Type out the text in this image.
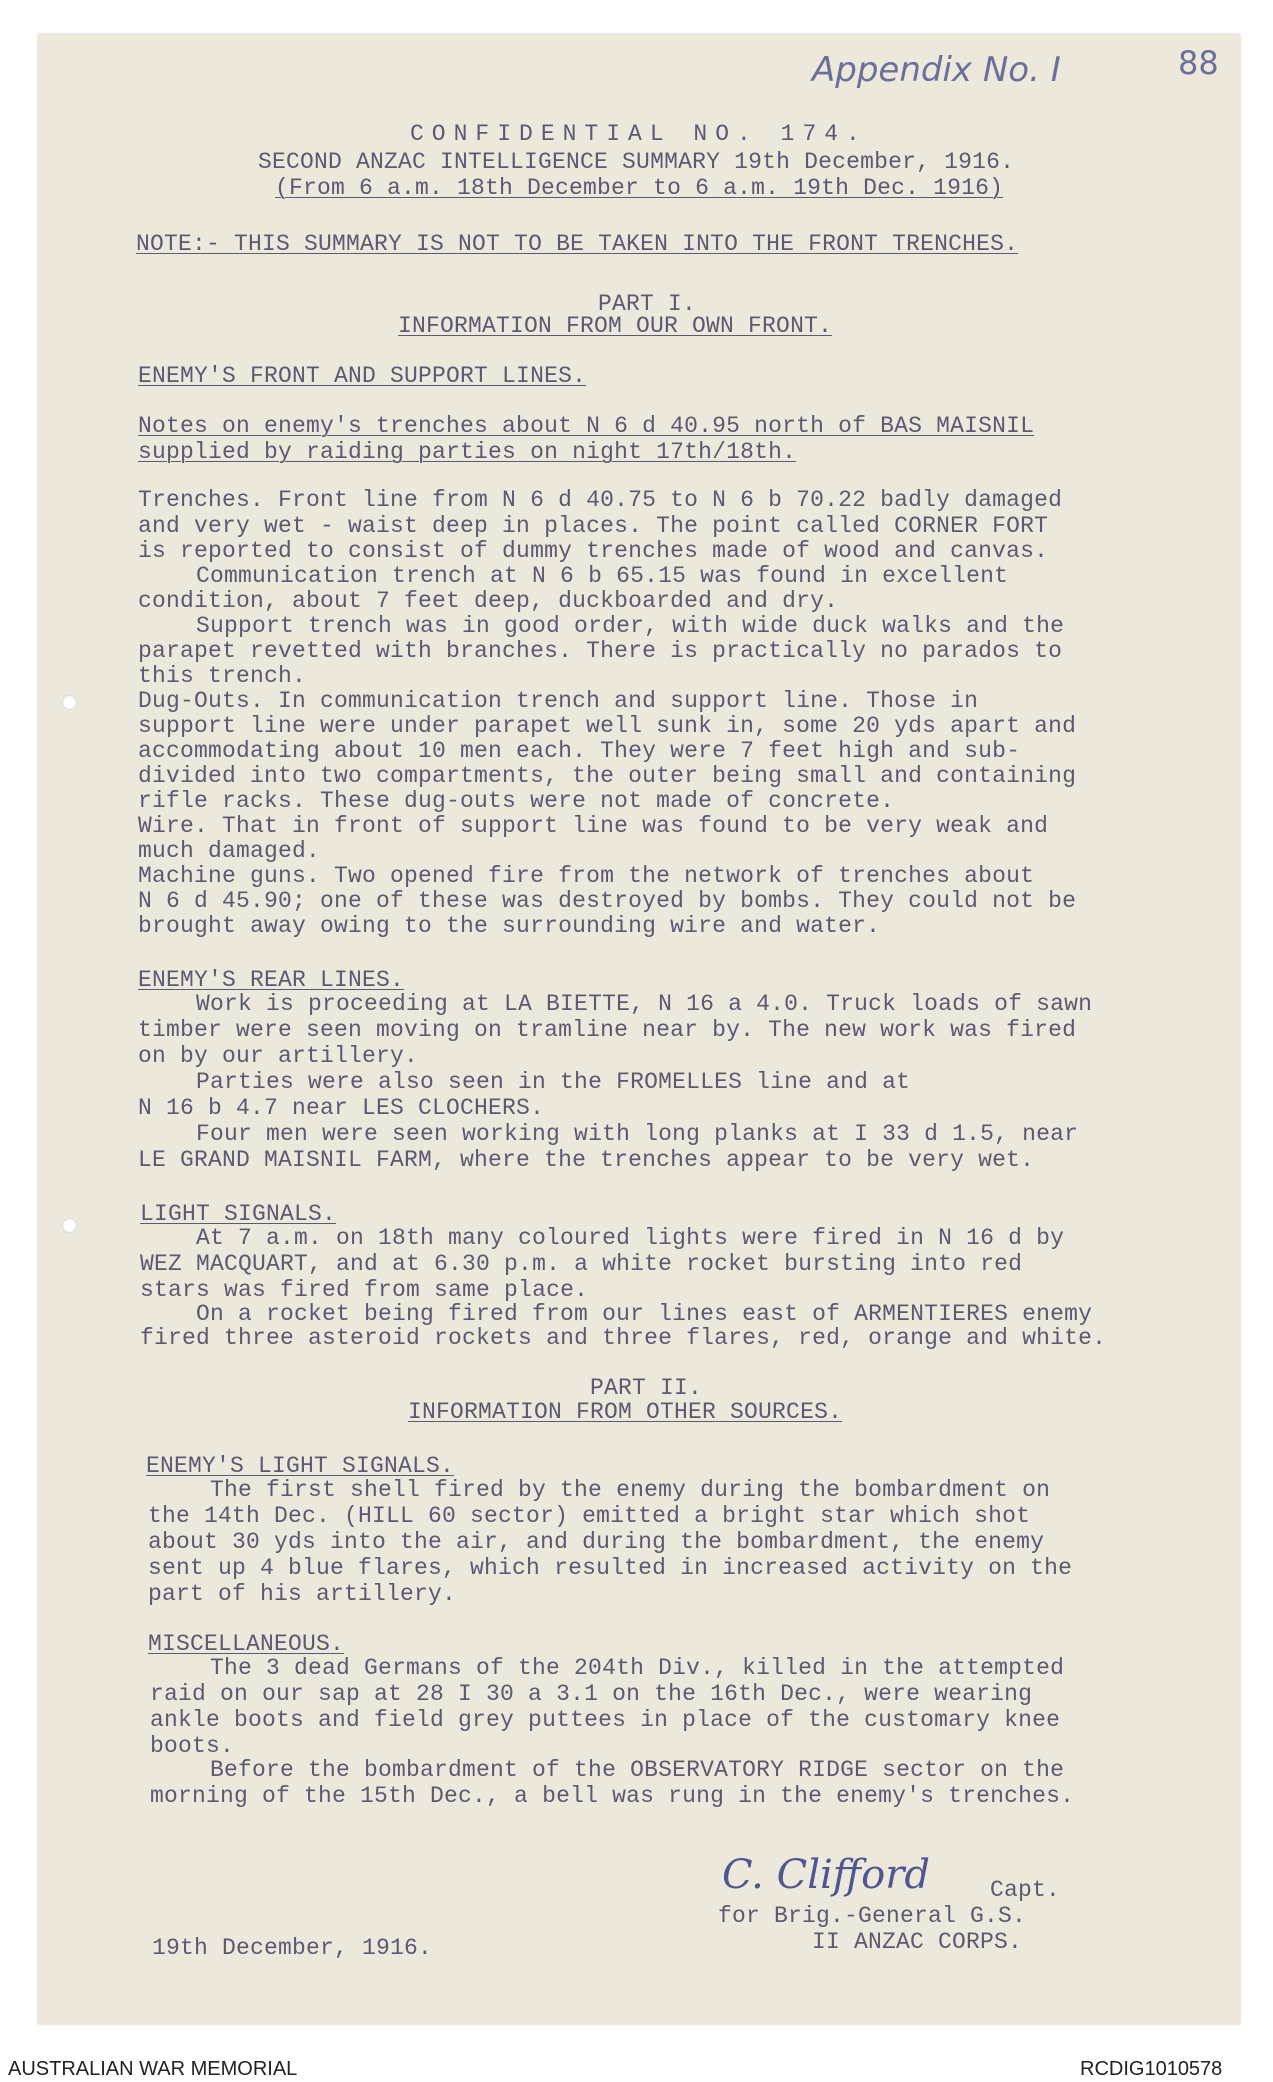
Appendix No. I	88
CONFIDENTIAL NO. 174.
SECOND ANZAC INTELLIGENCE SUMMARY 19th December, 1916.
(From 6 a.m. 18th December to 6 a.m. 19th Dec. 1916)
NOTE:- THIS SUMMARY IS NOT TO BE TAKEN INTO THE FRONT TRENCHES.
PART I.
INFORMATION FROM OUR OWN FRONT.
ENEMY'S FRONT AND SUPPORT LINES.
Notes on enemy's trenches about N 6 d 40.95 north of BAS MAISNIL
supplied by raiding parties on night 17th/18th.
Trenches. Front line from N 6 d 40.75 to N 6 b 70.22 badly damaged
and very wet - waist deep in places. The point called CORNER FORT
is reported to consist of dummy trenches made of wood and canvas.
Communication trench at N 6 b 65.15 was found in excellent
condition, about 7 feet deep, duckboarded and dry.
Support trench was in good order, with wide duck walks and the
parapet revetted with branches. There is practically no parados to
this trench.
Dug-Outs. In communication trench and support line. Those in
support line were under parapet well sunk in, some 20 yds apart and
accommodating about 10 men each. They were 7 feet high and sub-
divided into two compartments, the outer being small and containing
rifle racks. These dug-outs were not made of concrete.
Wire. That in front of support line was found to be very weak and
much damaged.
Machine guns. Two opened fire from the network of trenches about
N 6 d 45.90; one of these was destroyed by bombs. They could not be
brought away owing to the surrounding wire and water.
ENEMY'S REAR LINES.
Work is proceeding at LA BIETTE, N 16 a 4.0. Truck loads of sawn
timber were seen moving on tramline near by. The new work was fired
on by our artillery.
Parties were also seen in the FROMELLES line and at
N 16 b 4.7 near LES CLOCHERS.
Four men were seen working with long planks at I 33 d 1.5, near
LE GRAND MAISNIL FARM, where the trenches appear to be very wet.
LIGHT SIGNALS.
At 7 a.m. on 18th many coloured lights were fired in N 16 d by
WEZ MACQUART, and at 6.30 p.m. a white rocket bursting into red
stars was fired from same place.
On a rocket being fired from our lines east of ARMENTIERES enemy
fired three asteroid rockets and three flares, red, orange and white.
PART II.
INFORMATION FROM OTHER SOURCES.
ENEMY'S LIGHT SIGNALS.
The first shell fired by the enemy during the bombardment on
the 14th Dec. (HILL 60 sector) emitted a bright star which shot
about 30 yds into the air, and during the bombardment, the enemy
sent up 4 blue flares, which resulted in increased activity on the
part of his artillery.
MISCELLANEOUS.
The 3 dead Germans of the 204th Div., killed in the attempted
raid on our sap at 28 I 30 a 3.1 on the 16th Dec., were wearing
ankle boots and field grey puttees in place of the customary knee
boots.
Before the bombardment of the OBSERVATORY RIDGE sector on the
morning of the 15th Dec., a bell was rung in the enemy's trenches.
C. Clifford	Capt.
for Brig.-General G.S.
II ANZAC CORPS.
19th December, 1916.
AUSTRALIAN WAR MEMORIAL	RCDIG1010578
